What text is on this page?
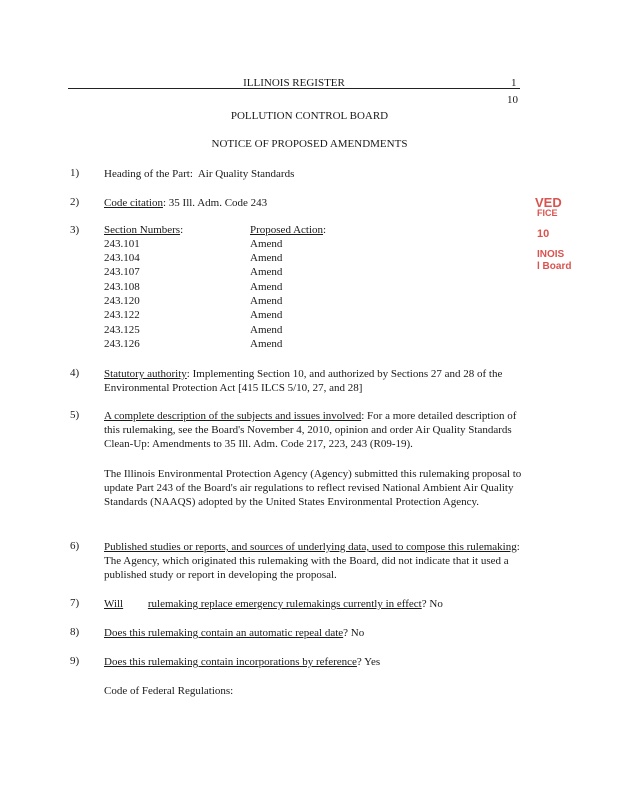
ILLINOIS REGISTER	1
10
POLLUTION CONTROL BOARD
NOTICE OF PROPOSED AMENDMENTS
VED
FICE
10
INOIS
l Board
1) Heading of the Part: Air Quality Standards
2) Code citation: 35 Ill. Adm. Code 243
3) Section Numbers:	Proposed Action:
243.101	Amend
243.104	Amend
243.107	Amend
243.108	Amend
243.120	Amend
243.122	Amend
243.125	Amend
243.126	Amend
4) Statutory authority: Implementing Section 10, and authorized by Sections 27 and 28 of the Environmental Protection Act [415 ILCS 5/10, 27, and 28]
5) A complete description of the subjects and issues involved: For a more detailed description of this rulemaking, see the Board's November 4, 2010, opinion and order Air Quality Standards Clean-Up: Amendments to 35 Ill. Adm. Code 217, 223, 243 (R09-19).
The Illinois Environmental Protection Agency (Agency) submitted this rulemaking proposal to update Part 243 of the Board's air regulations to reflect revised National Ambient Air Quality Standards (NAAQS) adopted by the United States Environmental Protection Agency.
6) Published studies or reports, and sources of underlying data, used to compose this rulemaking: The Agency, which originated this rulemaking with the Board, did not indicate that it used a published study or report in developing the proposal.
7) Will rulemaking replace emergency rulemakings currently in effect? No
8) Does this rulemaking contain an automatic repeal date? No
9) Does this rulemaking contain incorporations by reference? Yes
Code of Federal Regulations:
